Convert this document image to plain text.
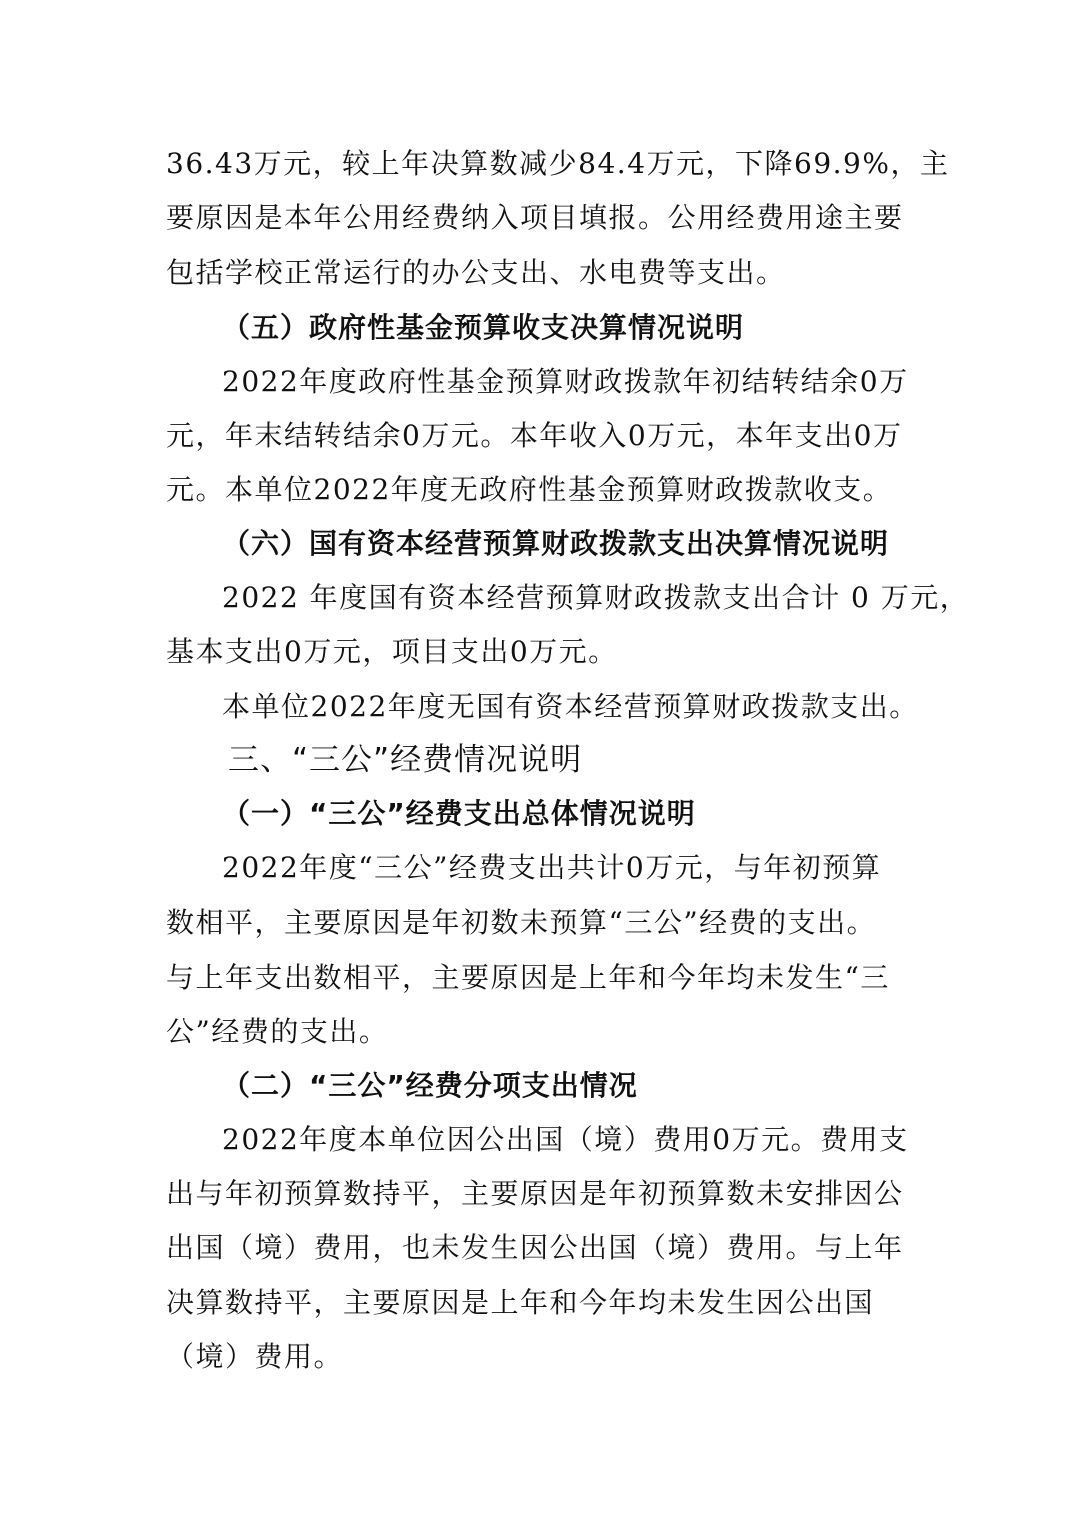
36.43万元，较上年决算数减少84.4万元，下降69.9%，主
要原因是本年公用经费纳入项目填报。公用经费用途主要
包括学校正常运行的办公支出、水电费等支出。
（五）政府性基金预算收支决算情况说明
2022年度政府性基金预算财政拨款年初结转结余0万
元，年末结转结余0万元。本年收入0万元，本年支出0万
元。本单位2022年度无政府性基金预算财政拨款收支。
（六）国有资本经营预算财政拨款支出决算情况说明
2022 年度国有资本经营预算财政拨款支出合计 0 万元，
基本支出0万元，项目支出0万元。
本单位2022年度无国有资本经营预算财政拨款支出。
三、“三公”经费情况说明
（一）“三公”经费支出总体情况说明
2022年度“三公”经费支出共计0万元，与年初预算
数相平，主要原因是年初数未预算“三公”经费的支出。
与上年支出数相平，主要原因是上年和今年均未发生“三
公”经费的支出。
（二）“三公”经费分项支出情况
2022年度本单位因公出国（境）费用0万元。费用支
出与年初预算数持平，主要原因是年初预算数未安排因公
出国（境）费用，也未发生因公出国（境）费用。与上年
决算数持平，主要原因是上年和今年均未发生因公出国
（境）费用。
